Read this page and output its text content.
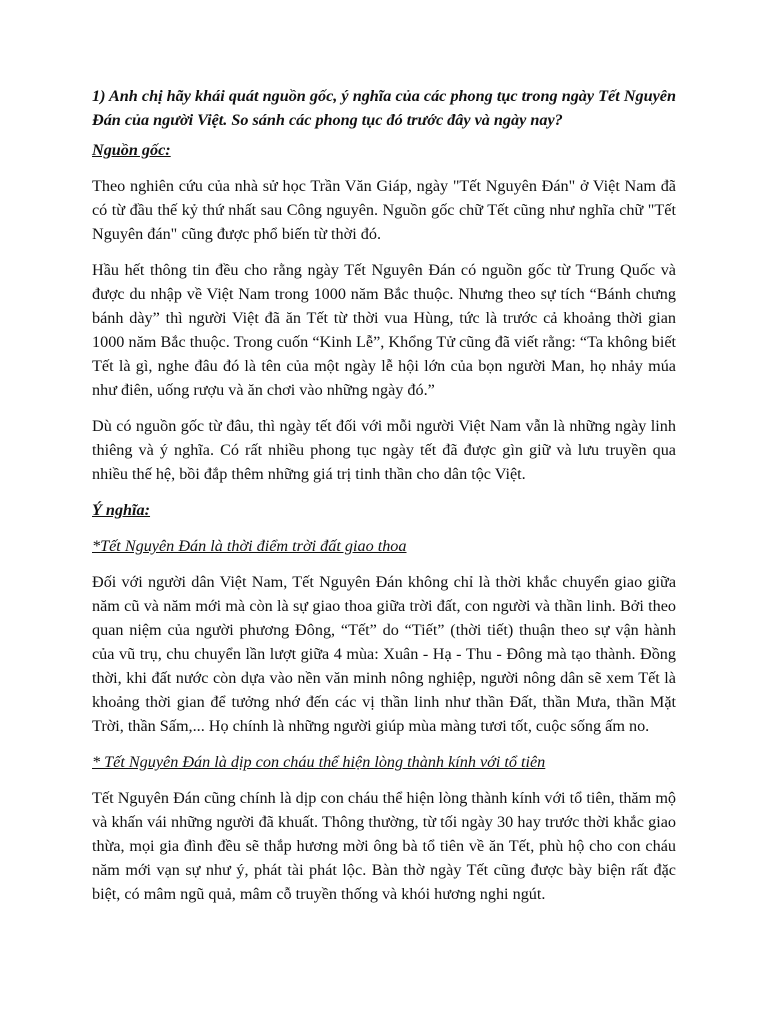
1) Anh chị hãy khái quát nguồn gốc, ý nghĩa của các phong tục trong ngày Tết Nguyên Đán của người Việt. So sánh các phong tục đó trước đây và ngày nay?

Nguồn gốc:

Theo nghiên cứu của nhà sử học Trần Văn Giáp, ngày "Tết Nguyên Đán" ở Việt Nam đã có từ đầu thế kỷ thứ nhất sau Công nguyên. Nguồn gốc chữ Tết cũng như nghĩa chữ "Tết Nguyên đán" cũng được phổ biến từ thời đó.

Hầu hết thông tin đều cho rằng ngày Tết Nguyên Đán có nguồn gốc từ Trung Quốc và được du nhập về Việt Nam trong 1000 năm Bắc thuộc. Nhưng theo sự tích “Bánh chưng bánh dày” thì người Việt đã ăn Tết từ thời vua Hùng, tức là trước cả khoảng thời gian 1000 năm Bắc thuộc. Trong cuốn “Kinh Lễ”, Khổng Tử cũng đã viết rằng: “Ta không biết Tết là gì, nghe đâu đó là tên của một ngày lễ hội lớn của bọn người Man, họ nhảy múa như điên, uống rượu và ăn chơi vào những ngày đó.”

Dù có nguồn gốc từ đâu, thì ngày tết đối với mỗi người Việt Nam vẫn là những ngày linh thiêng và ý nghĩa. Có rất nhiều phong tục ngày tết đã được gìn giữ và lưu truyền qua nhiều thế hệ, bồi đắp thêm những giá trị tinh thần cho dân tộc Việt.

Ý nghĩa:

*Tết Nguyên Đán là thời điểm trời đất giao thoa

Đối với người dân Việt Nam, Tết Nguyên Đán không chỉ là thời khắc chuyển giao giữa năm cũ và năm mới mà còn là sự giao thoa giữa trời đất, con người và thần linh. Bởi theo quan niệm của người phương Đông, “Tết” do “Tiết” (thời tiết) thuận theo sự vận hành của vũ trụ, chu chuyển lần lượt giữa 4 mùa: Xuân - Hạ - Thu - Đông mà tạo thành. Đồng thời, khi đất nước còn dựa vào nền văn minh nông nghiệp, người nông dân sẽ xem Tết là khoảng thời gian để tưởng nhớ đến các vị thần linh như thần Đất, thần Mưa, thần Mặt Trời, thần Sấm,... Họ chính là những người giúp mùa màng tươi tốt, cuộc sống ấm no.

* Tết Nguyên Đán là dịp con cháu thể hiện lòng thành kính với tổ tiên

Tết Nguyên Đán cũng chính là dịp con cháu thể hiện lòng thành kính với tổ tiên, thăm mộ và khấn vái những người đã khuất. Thông thường, từ tối ngày 30 hay trước thời khắc giao thừa, mọi gia đình đều sẽ thắp hương mời ông bà tổ tiên về ăn Tết, phù hộ cho con cháu năm mới vạn sự như ý, phát tài phát lộc. Bàn thờ ngày Tết cũng được bày biện rất đặc biệt, có mâm ngũ quả, mâm cỗ truyền thống và khói hương nghi ngút.
